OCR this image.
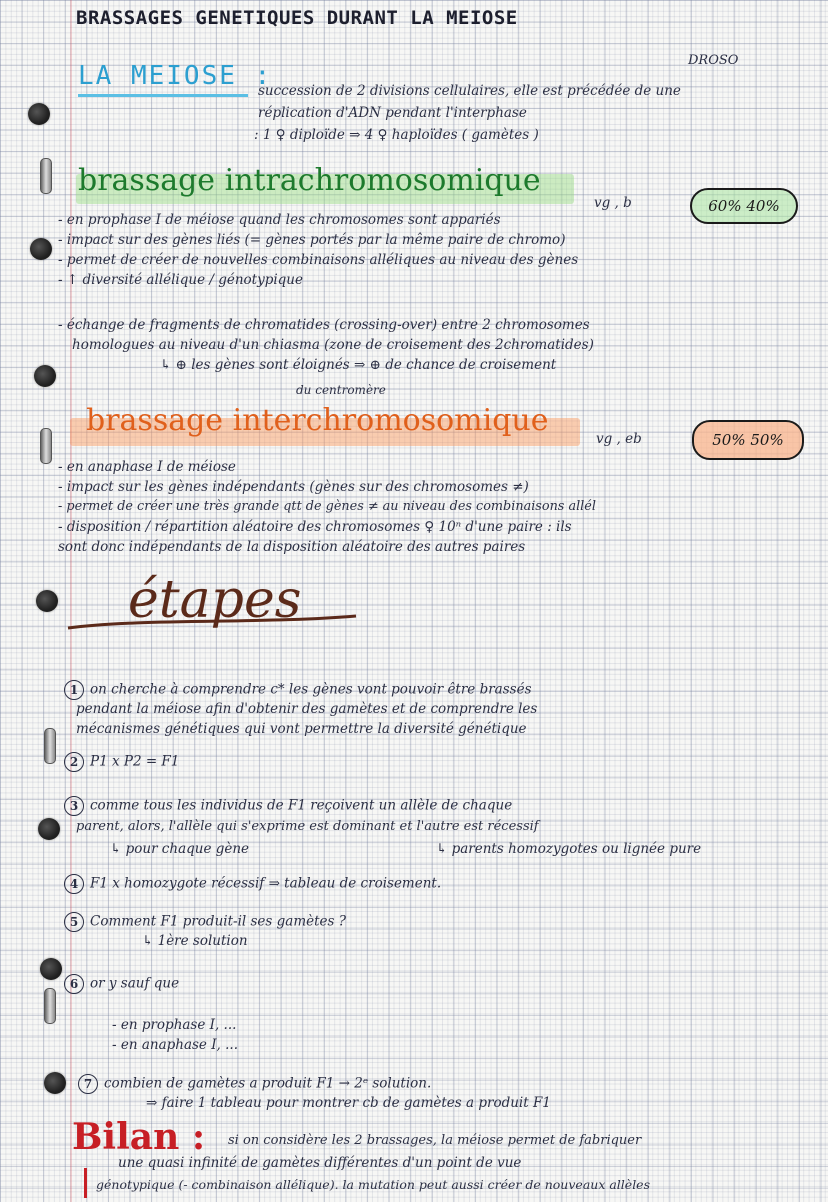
BRASSAGES GENETIQUES DURANT LA MEIOSE
DROSO
LA MEIOSE :
succession de 2 divisions cellulaires, elle est précédée de une
réplication d'ADN pendant l'interphase
: 1 ♀ diploïde ⇒ 4 ♀ haploïdes ( gamètes )
brassage intrachromosomique
vg , b	60% 40%
- en prophase I de méiose quand les chromosomes sont appariés
- impact sur des gènes liés (= gènes portés par la même paire de chromo)
- permet de créer de nouvelles combinaisons alléliques au niveau des gènes
- ↑ diversité allélique / génotypique
- échange de fragments de chromatides (crossing-over) entre 2 chromosomes
homologues au niveau d'un chiasma (zone de croisement des 2chromatides)
↳ ⊕ les gènes sont éloignés ⇒ ⊕ de chance de croisement
du centromère
brassage interchromosomique
vg , eb	50% 50%
- en anaphase I de méiose
- impact sur les gènes indépendants (gènes sur des chromosomes ≠)
- permet de créer une très grande qtt de gènes ≠ au niveau des combinaisons allél
- disposition / répartition aléatoire des chromosomes ♀ 10ⁿ d'une paire : ils
sont donc indépendants de la disposition aléatoire des autres paires
étapes
1 on cherche à comprendre c* les gènes vont pouvoir être brassés
pendant la méiose afin d'obtenir des gamètes et de comprendre les
mécanismes génétiques qui vont permettre la diversité génétique
2 P1 x P2 = F1
3 comme tous les individus de F1 reçoivent un allèle de chaque
parent, alors, l'allèle qui s'exprime est dominant et l'autre est récessif
↳ pour chaque gène	↳ parents homozygotes ou lignée pure
4 F1 x homozygote récessif ⇒ tableau de croisement.
5 Comment F1 produit-il ses gamètes ?
↳ 1ère solution
6 or y sauf que
- en prophase I, ...
- en anaphase I, ...
7 combien de gamètes a produit F1 → 2ᵉ solution.
⇒ faire 1 tableau pour montrer cb de gamètes a produit F1
Bilan : si on considère les 2 brassages, la méiose permet de fabriquer
une quasi infinité de gamètes différentes d'un point de vue
génotypique (- combinaison allélique). la mutation peut aussi créer de nouveaux allèles
